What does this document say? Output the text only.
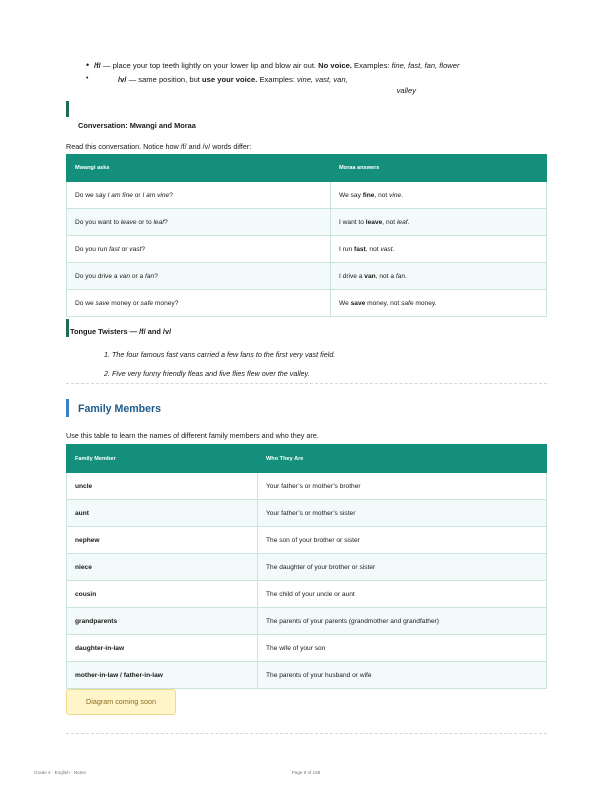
• /f/ — place your top teeth lightly on your lower lip and blow air out. No voice. Examples: fine, fast, fan, flower
• /v/ — same position, but use your voice. Examples: vine, vast, van,
valley
Conversation: Mwangi and Moraa
Read this conversation. Notice how /f/ and /v/ words differ:
Mwangi asks	Moraa answers
Do we say I am fine or I am vine?	We say fine, not vine.
Do you want to leave or to leaf?	I want to leave, not leaf.
Do you run fast or vast?	I run fast, not vast.
Do you drive a van or a fan?	I drive a van, not a fan.
Do we save money or safe money?	We save money, not safe money.
Tongue Twisters — /f/ and /v/
1. The four famous fast vans carried a few fans to the first very vast field.
2. Five very funny friendly fleas and five flies flew over the valley.
Family Members
Use this table to learn the names of different family members and who they are.
Family Member	Who They Are
uncle	Your father’s or mother’s brother
aunt	Your father’s or mother’s sister
nephew	The son of your brother or sister
niece	The daughter of your brother or sister
cousin	The child of your uncle or aunt
grandparents	The parents of your parents (grandmother and grandfather)
daughter-in-law	The wife of your son
mother-in-law / father-in-law	The parents of your husband or wife
Diagram coming soon
Grade 4 · English · Notes	Page 8 of 158
